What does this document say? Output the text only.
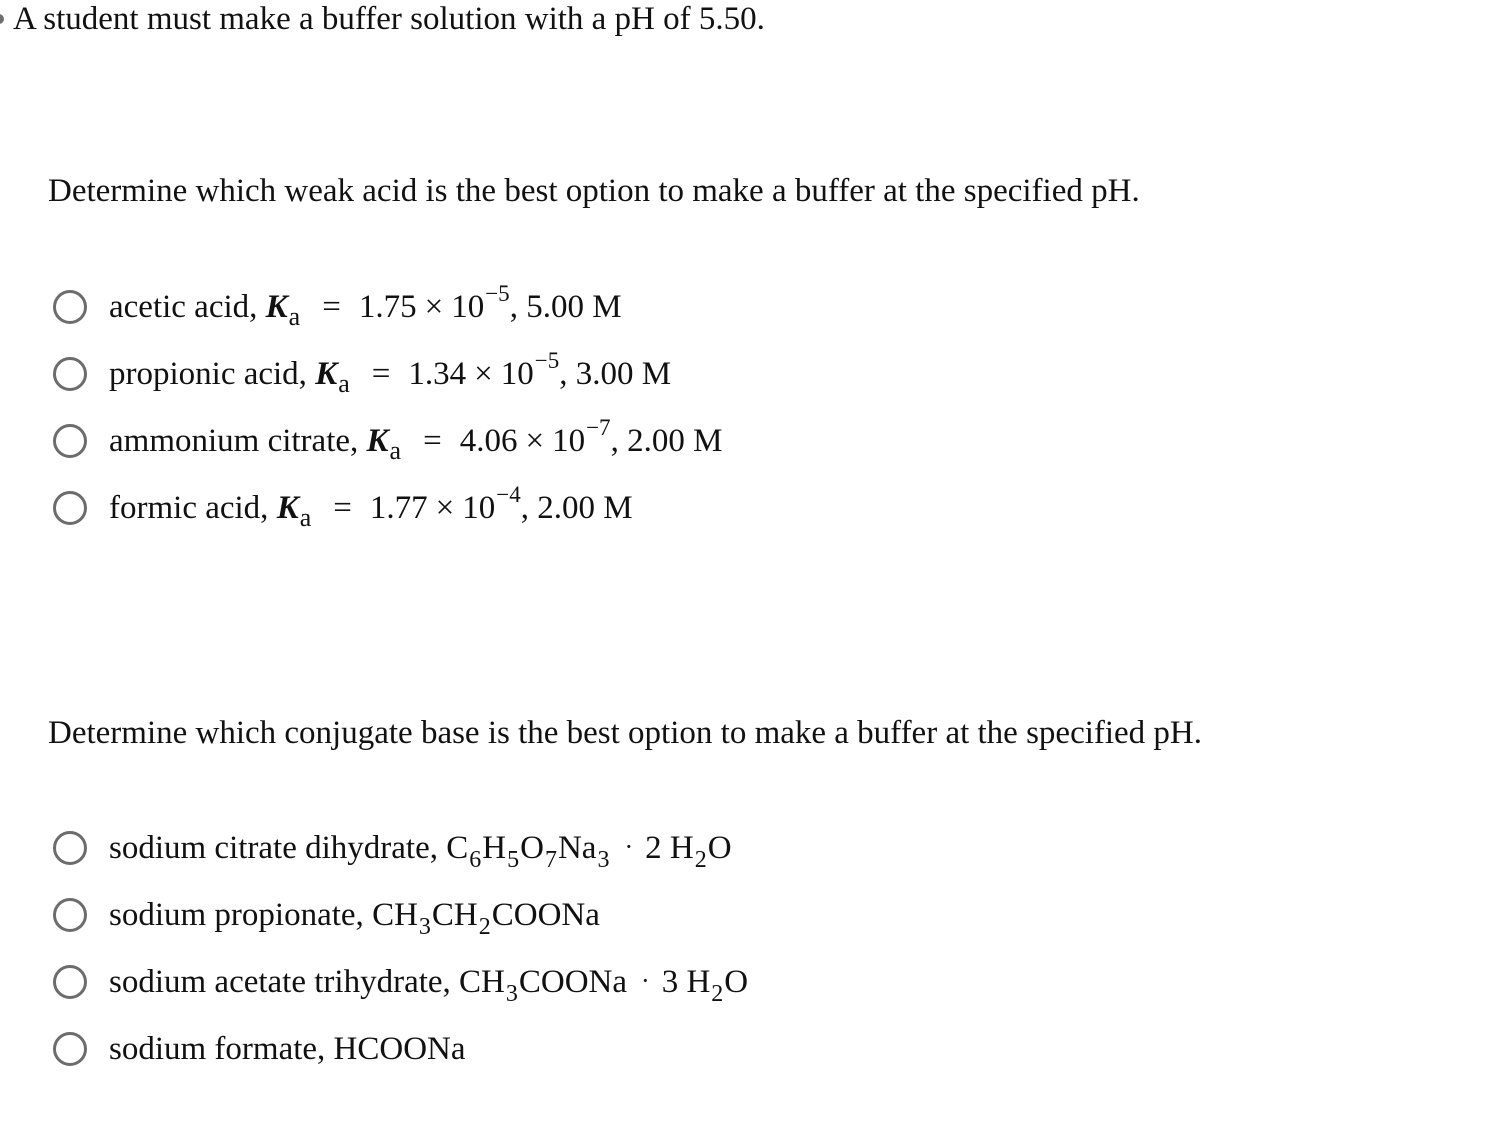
A student must make a buffer solution with a pH of 5.50.
Determine which weak acid is the best option to make a buffer at the specified pH.
acetic acid, $K_a = 1.75 \times 10^{-5}$, 5.00 M
propionic acid, $K_a = 1.34 \times 10^{-5}$, 3.00 M
ammonium citrate, $K_a = 4.06 \times 10^{-7}$, 2.00 M
formic acid, $K_a = 1.77 \times 10^{-4}$, 2.00 M
Determine which conjugate base is the best option to make a buffer at the specified pH.
sodium citrate dihydrate, $C_6H_5O_7Na_3 \cdot 2$ $H_2O$
sodium propionate, $CH_3CH_2COONa$
sodium acetate trihydrate, $CH_3COONa \cdot 3$ $H_2O$
sodium formate, HCOONa
